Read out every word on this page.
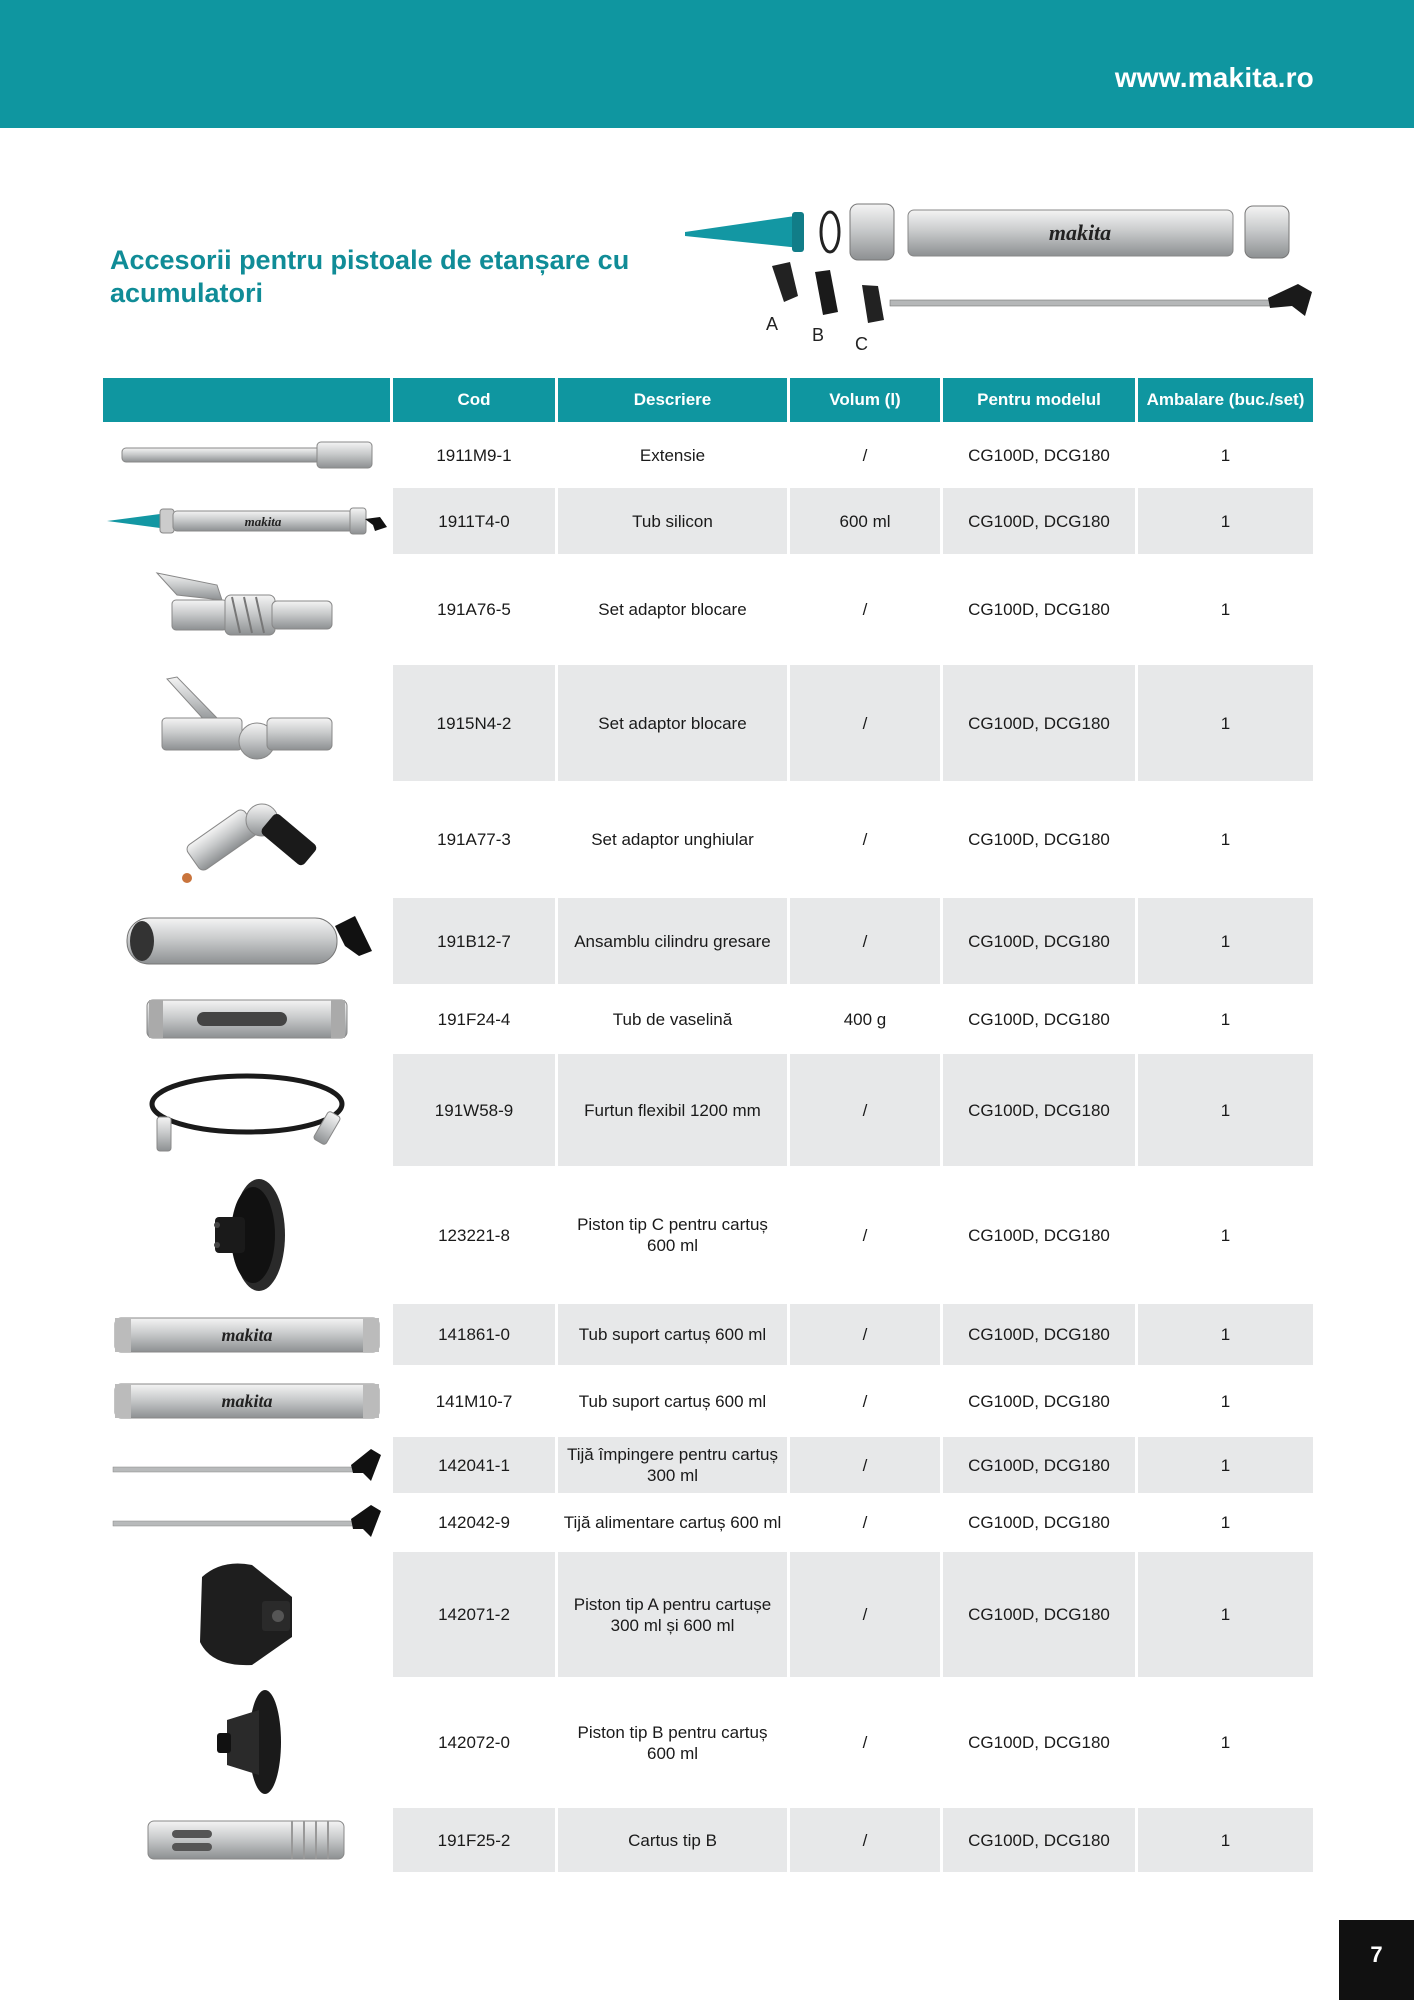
www.makita.ro
Accesorii pentru pistoale de etanșare cu acumulatori
makita
A
B C
	Cod	Descriere	Volum (l)	Pentru modelul	Ambalare (buc./set)

	1911M9-1	Extensie	/	CG100D, DCG180	1

makita	1911T4-0	Tub silicon	600 ml	CG100D, DCG180	1

	191A76-5	Set adaptor blocare	/	CG100D, DCG180	1

	1915N4-2	Set adaptor blocare	/	CG100D, DCG180	1

	191A77-3	Set adaptor unghiular	/	CG100D, DCG180	1

	191B12-7	Ansamblu cilindru gresare	/	CG100D, DCG180	1

	191F24-4	Tub de vaselină	400 g	CG100D, DCG180	1

	191W58-9	Furtun flexibil 1200 mm	/	CG100D, DCG180	1

	123221-8	Piston tip C pentru cartuș 600 ml	/	CG100D, DCG180	1

makita	141861-0	Tub suport cartuș 600 ml	/	CG100D, DCG180	1

makita	141M10-7	Tub suport cartuș 600 ml	/	CG100D, DCG180	1

	142041-1	Tijă împingere pentru cartuș 300 ml	/	CG100D, DCG180	1

	142042-9	Tijă alimentare cartuș 600 ml	/	CG100D, DCG180	1

	142071-2	Piston tip A pentru cartușe 300 ml și 600 ml	/	CG100D, DCG180	1

	142072-0	Piston tip B pentru cartuș 600 ml	/	CG100D, DCG180	1

	191F25-2	Cartus tip B	/	CG100D, DCG180	1
7
